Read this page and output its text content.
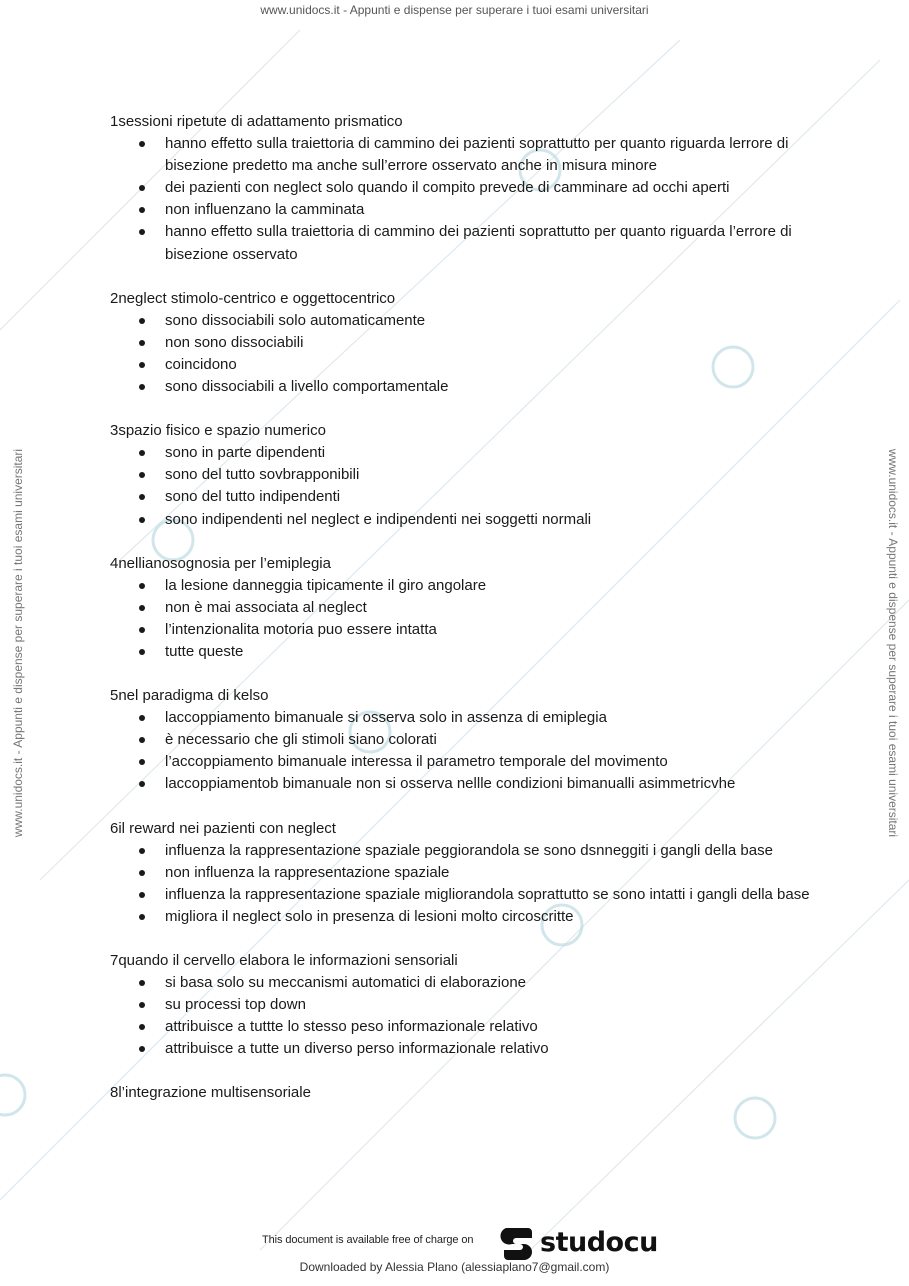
www.unidocs.it - Appunti e dispense per superare i tuoi esami universitari
www.unidocs.it - Appunti e dispense per superare i tuoi esami universitari	www.unidocs.it - Appunti e dispense per superare i tuoi esami universitari

1sessioni ripetute di adattamento prismatico

hanno effetto sulla traiettoria di cammino dei pazienti soprattutto per quanto riguarda lerrore di bisezione predetto ma anche sull’errore osservato anche in misura minore
dei pazienti con neglect solo quando il compito prevede di camminare ad occhi aperti
non influenzano la camminata
hanno effetto sulla traiettoria di cammino dei pazienti soprattutto per quanto riguarda l’errore di bisezione osservato

2neglect stimolo-centrico e oggettocentrico

sono dissociabili solo automaticamente
non sono dissociabili
coincidono
sono dissociabili a livello comportamentale

3spazio fisico e spazio numerico

sono in parte dipendenti
sono del tutto sovbrapponibili
sono del tutto indipendenti
sono indipendenti nel neglect e indipendenti nei soggetti normali

4nellianosognosia per l’emiplegia

la lesione danneggia tipicamente il giro angolare
non è mai associata al neglect
l’intenzionalita motoria puo essere intatta
tutte queste

5nel paradigma di kelso

laccoppiamento bimanuale si osserva solo in assenza di emiplegia
è necessario che gli stimoli siano colorati
l’accoppiamento bimanuale interessa il parametro temporale del movimento
laccoppiamentob bimanuale non si osserva nellle condizioni bimanualli asimmetricvhe

6il reward nei pazienti con neglect

influenza la rappresentazione spaziale peggiorandola se sono dsnneggiti i gangli della base
non influenza la rappresentazione spaziale
influenza la rappresentazione spaziale migliorandola soprattutto se sono intatti i gangli della base
migliora il neglect solo in presenza di lesioni molto circoscritte

7quando il cervello elabora le informazioni sensoriali

si basa solo su meccanismi automatici di elaborazione
su processi top down
attribuisce a tuttte lo stesso peso informazionale relativo
attribuisce a tutte un diverso perso informazionale relativo

8l’integrazione multisensoriale

This document is available free of charge on studocu
Downloaded by Alessia Plano (alessiaplano7@gmail.com)
